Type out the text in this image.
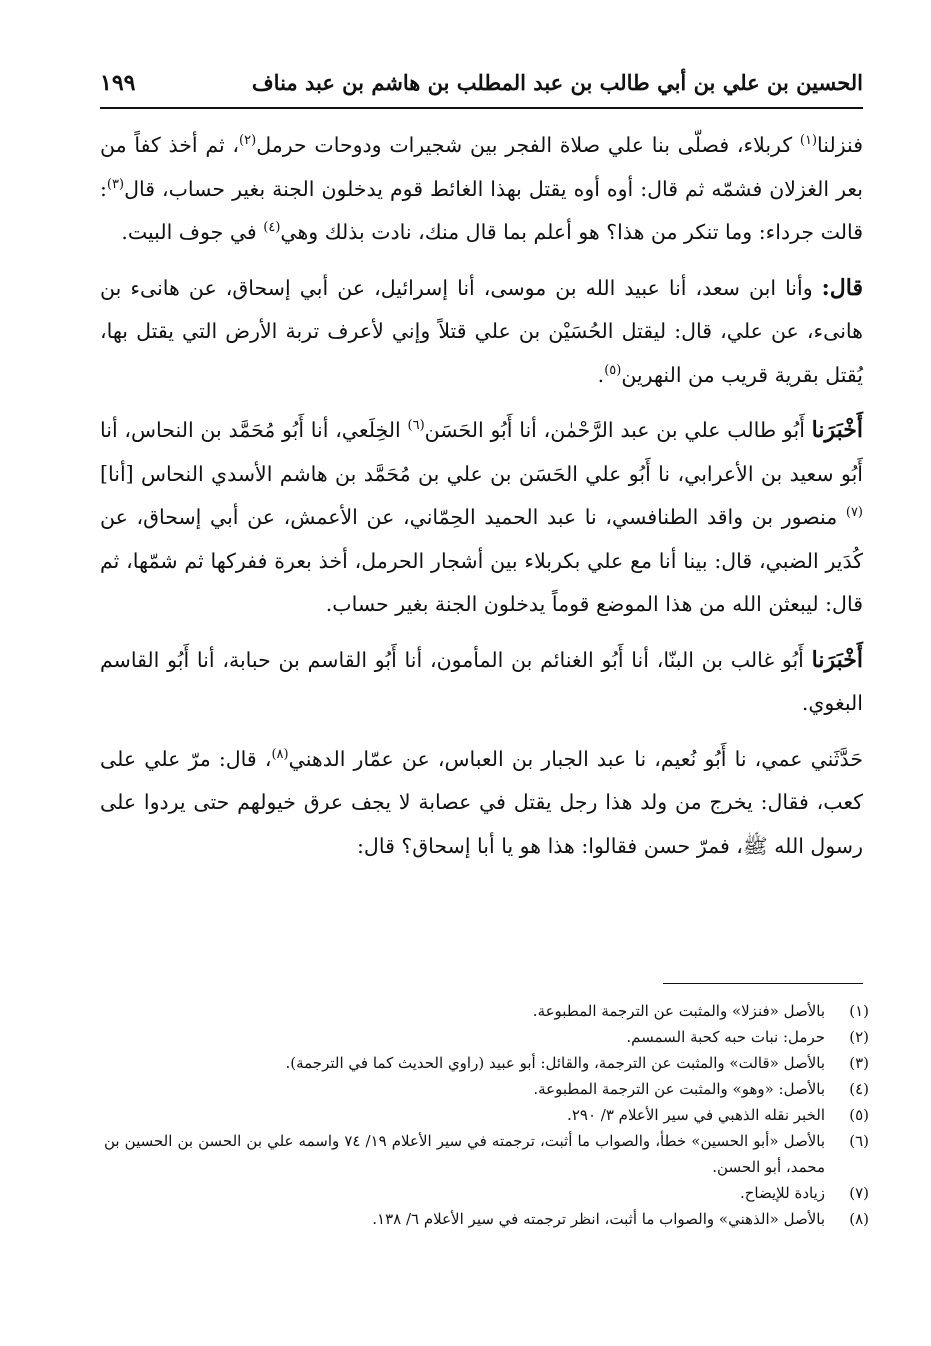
الحسين بن علي بن أبي طالب بن عبد المطلب بن هاشم بن عبد مناف
١٩٩

فنزلنا$^{(١)}$ كربلاء، فصلّى بنا علي صلاة الفجر بين شجيرات ودوحات حرمل$^{(٢)}$، ثم أخذ كفاً من بعر الغزلان فشمّه ثم قال: أوه أوه يقتل بهذا الغائط قوم يدخلون الجنة بغير حساب، قال$^{(٣)}$: قالت جرداء: وما تنكر من هذا؟ هو أعلم بما قال منك، نادت بذلك وهي$^{(٤)}$ في جوف البيت.

قال: وأنا ابن سعد، أنا عبيد الله بن موسى، أنا إسرائيل، عن أبي إسحاق، عن هانىء بن هانىء، عن علي، قال: ليقتل الحُسَيْن بن علي قتلاً وإني لأعرف تربة الأرض التي يقتل بها، يُقتل بقرية قريب من النهرين$^{(٥)}$.

أَخْبَرَنا أَبُو طالب علي بن عبد الرَّحْمٰن، أنا أَبُو الحَسَن$^{(٦)}$ الخِلَعي، أنا أَبُو مُحَمَّد بن النحاس، أنا أَبُو سعيد بن الأعرابي، نا أَبُو علي الحَسَن بن علي بن مُحَمَّد بن هاشم الأسدي النحاس [أنا]$^{(٧)}$ منصور بن واقد الطنافسي، نا عبد الحميد الحِمّاني، عن الأعمش، عن أبي إسحاق، عن كُدَير الضبي، قال: بينا أنا مع علي بكربلاء بين أشجار الحرمل، أخذ بعرة ففركها ثم شمّها، ثم قال: ليبعثن الله من هذا الموضع قوماً يدخلون الجنة بغير حساب.

أَخْبَرَنا أَبُو غالب بن البنّا، أنا أَبُو الغنائم بن المأمون، أنا أَبُو القاسم بن حبابة، أنا أَبُو القاسم البغوي.

حَدَّثَني عمي، نا أَبُو نُعيم، نا عبد الجبار بن العباس، عن عمّار الدهني$^{(٨)}$، قال: مرّ علي على كعب، فقال: يخرج من ولد هذا رجل يقتل في عصابة لا يجف عرق خيولهم حتى يردوا على رسول الله ﷺ، فمرّ حسن فقالوا: هذا هو يا أبا إسحاق؟ قال:

(١)
بالأصل «فنزلا» والمثبت عن الترجمة المطبوعة.
(٢)
حرمل: نبات حبه كحبة السمسم.
(٣)
بالأصل «قالت» والمثبت عن الترجمة، والقائل: أبو عبيد (راوي الحديث كما في الترجمة).
(٤)
بالأصل: «وهو» والمثبت عن الترجمة المطبوعة.
(٥)
الخبر نقله الذهبي في سير الأعلام ٣/ ٢٩٠.
(٦)
بالأصل «أبو الحسين» خطأ، والصواب ما أثبت، ترجمته في سير الأعلام ١٩/ ٧٤ واسمه علي بن الحسن بن الحسين بن محمد، أبو الحسن.
(٧)
زيادة للإيضاح.
(٨)
بالأصل «الذهني» والصواب ما أثبت، انظر ترجمته في سير الأعلام ٦/ ١٣٨.
